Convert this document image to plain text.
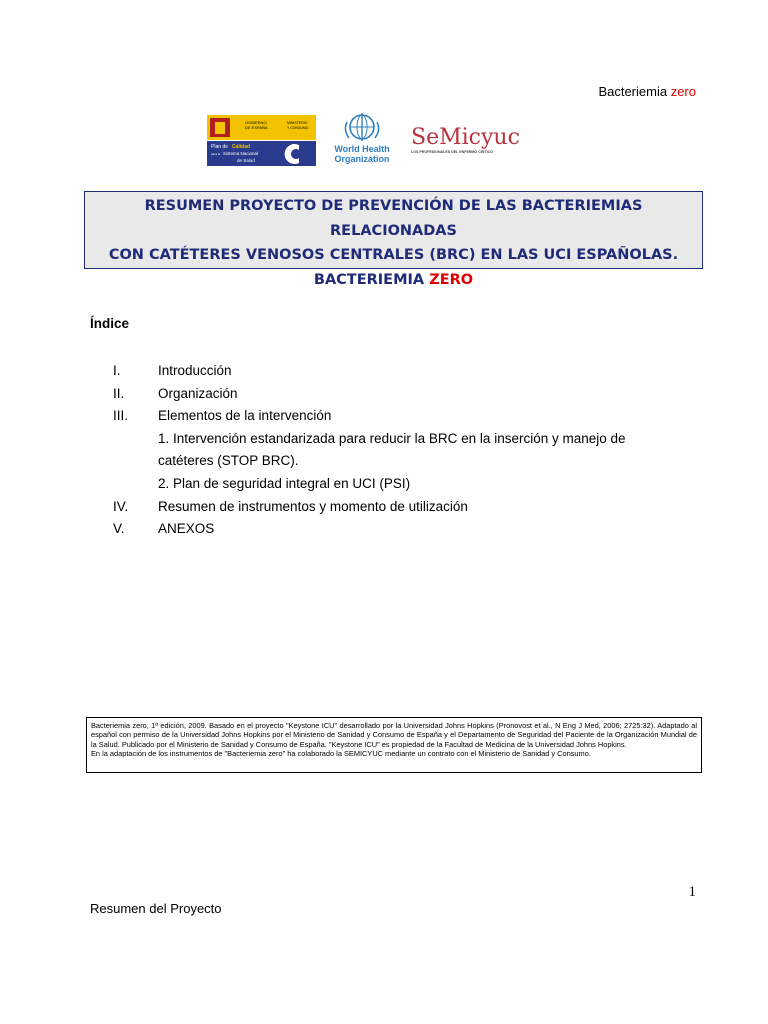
Bacteriemia zero
GOBIERNO
DE ESPAÑA
MINISTERIO
Y CONSUMO
Plan de Calidad
para el Sistema Nacional
de Salud
World Health
Organization
SeMicyuc
LOS PROFESIONALES DEL ENFERMO CRÍTICO
RESUMEN PROYECTO DE PREVENCIÓN DE LAS BACTERIEMIAS RELACIONADAS
CON CATÉTERES VENOSOS CENTRALES (BRC) EN LAS UCI ESPAÑOLAS.
BACTERIEMIA ZERO
Índice
I.	Introducción
II. Organización
III. Elementos de la intervención
1. Intervención estandarizada para reducir la BRC en la inserción y manejo de
catéteres (STOP BRC).
2. Plan de seguridad integral en UCI (PSI)
IV. Resumen de instrumentos y momento de utilización
V. ANEXOS
Bacteriemia zero, 1ª edición, 2009. Basado en el proyecto "Keystone ICU" desarrollado por la Universidad Johns Hopkins (Pronovost et al., N Eng J Med, 2006; 2725:32). Adaptado al español con permiso de la Universidad Johns Hopkins por el Ministerio de Sanidad y Consumo de España y el Departamento de Seguridad del Paciente de la Organización Mundial de la Salud. Publicado por el Ministerio de Sanidad y Consumo de España. "Keystone ICU" es propiedad de la Facultad de Medicina de la Universidad Johns Hopkins.
En la adaptación de los instrumentos de "Bacteriemia zero" ha colaborado la SEMICYUC mediante un contrato con el Ministerio de Sanidad y Consumo.
1
Resumen del Proyecto
